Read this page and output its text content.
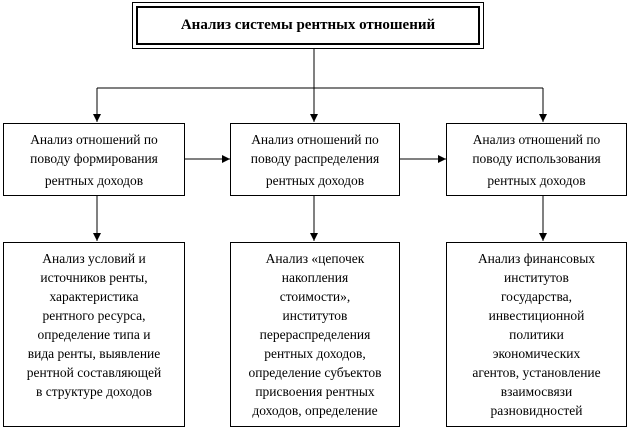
Анализ системы рентных отношений
Анализ отношений по
поводу формирования
рентных доходов
Анализ отношений по
поводу распределения
рентных доходов
Анализ отношений по
поводу использования
рентных доходов
Анализ условий и
источников ренты,
характеристика
рентного ресурса,
определение типа и
вида ренты, выявление
рентной составляющей
в структуре доходов
Анализ «цепочек
накопления
стоимости»,
институтов
перераспределения
рентных доходов,
определение субъектов
присвоения рентных
доходов, определение
Анализ финансовых
институтов
государства,
инвестиционной
политики
экономических
агентов, установление
взаимосвязи
разновидностей
